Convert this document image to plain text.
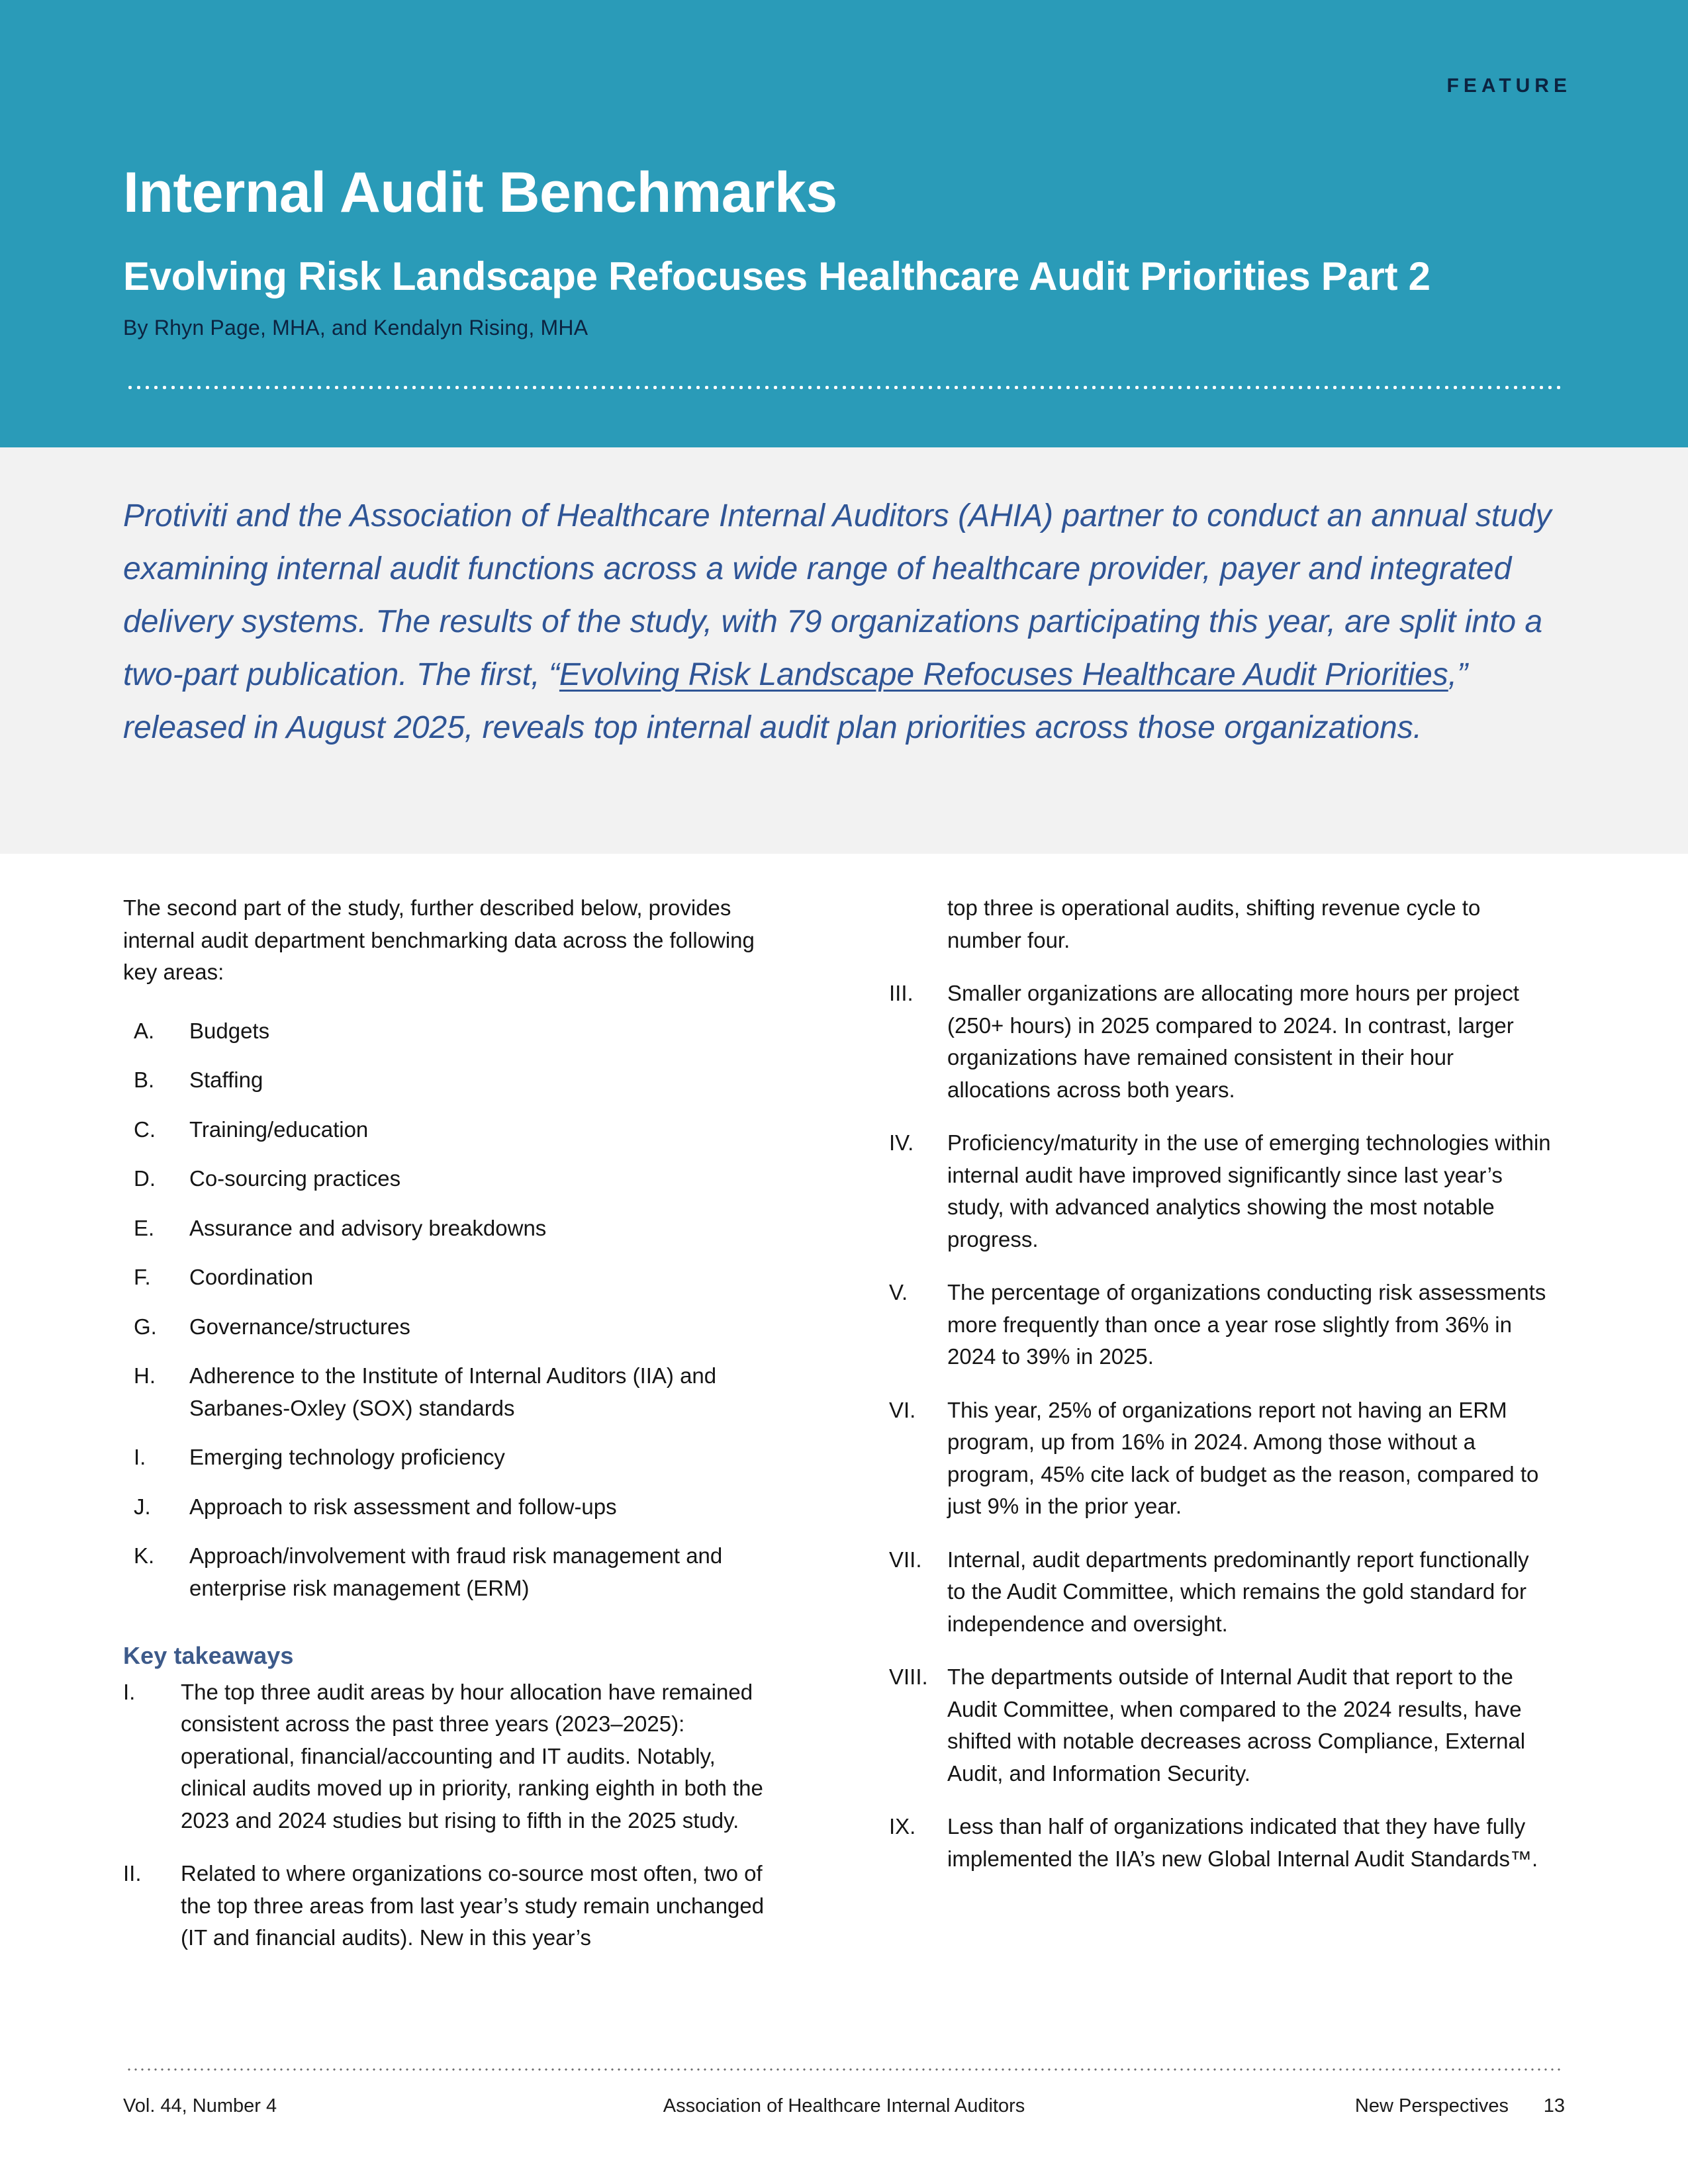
FEATURE
Internal Audit Benchmarks
Evolving Risk Landscape Refocuses Healthcare Audit Priorities Part 2
By Rhyn Page, MHA, and Kendalyn Rising, MHA
Protiviti and the Association of Healthcare Internal Auditors (AHIA) partner to conduct an annual study examining internal audit functions across a wide range of healthcare provider, payer and integrated delivery systems. The results of the study, with 79 organizations participating this year, are split into a two-part publication. The first, “Evolving Risk Landscape Refocuses Healthcare Audit Priorities,” released in August 2025, reveals top internal audit plan priorities across those organizations.

The second part of the study, further described below, provides internal audit department benchmarking data across the following key areas:

A.	Budgets
B.	Staffing
C.	Training/education
D.	Co-sourcing practices
E.	Assurance and advisory breakdowns
F.	Coordination
G.	Governance/structures
H.	Adherence to the Institute of Internal Auditors (IIA) and Sarbanes-Oxley (SOX) standards
I.	Emerging technology proficiency
J.	Approach to risk assessment and follow-ups
K.	Approach/involvement with fraud risk management and enterprise risk management (ERM)
Key takeaways
I.	The top three audit areas by hour allocation have remained consistent across the past three years (2023–2025): operational, financial/accounting and IT audits. Notably, clinical audits moved up in priority, ranking eighth in both the 2023 and 2024 studies but rising to fifth in the 2025 study.
II.	Related to where organizations co-source most often, two of the top three areas from last year’s study remain unchanged (IT and financial audits). New in this year’s

top three is operational audits, shifting revenue cycle to number four.

III.	Smaller organizations are allocating more hours per project (250+ hours) in 2025 compared to 2024. In contrast, larger organizations have remained consistent in their hour allocations across both years.
IV.	Proficiency/maturity in the use of emerging technologies within internal audit have improved significantly since last year’s study, with advanced analytics showing the most notable progress.
V.	The percentage of organizations conducting risk assessments more frequently than once a year rose slightly from 36% in 2024 to 39% in 2025.
VI.	This year, 25% of organizations report not having an ERM program, up from 16% in 2024. Among those without a program, 45% cite lack of budget as the reason, compared to just 9% in the prior year.
VII.	Internal, audit departments predominantly report functionally to the Audit Committee, which remains the gold standard for independence and oversight.
VIII. The departments outside of Internal Audit that report to the Audit Committee, when compared to the 2024 results, have shifted with notable decreases across Compliance, External Audit, and Information Security.
IX.	Less than half of organizations indicated that they have fully implemented the IIA’s new Global Internal Audit Standards™.
Association of Healthcare Internal Auditors
Vol. 44, Number 4	New Perspectives 13
